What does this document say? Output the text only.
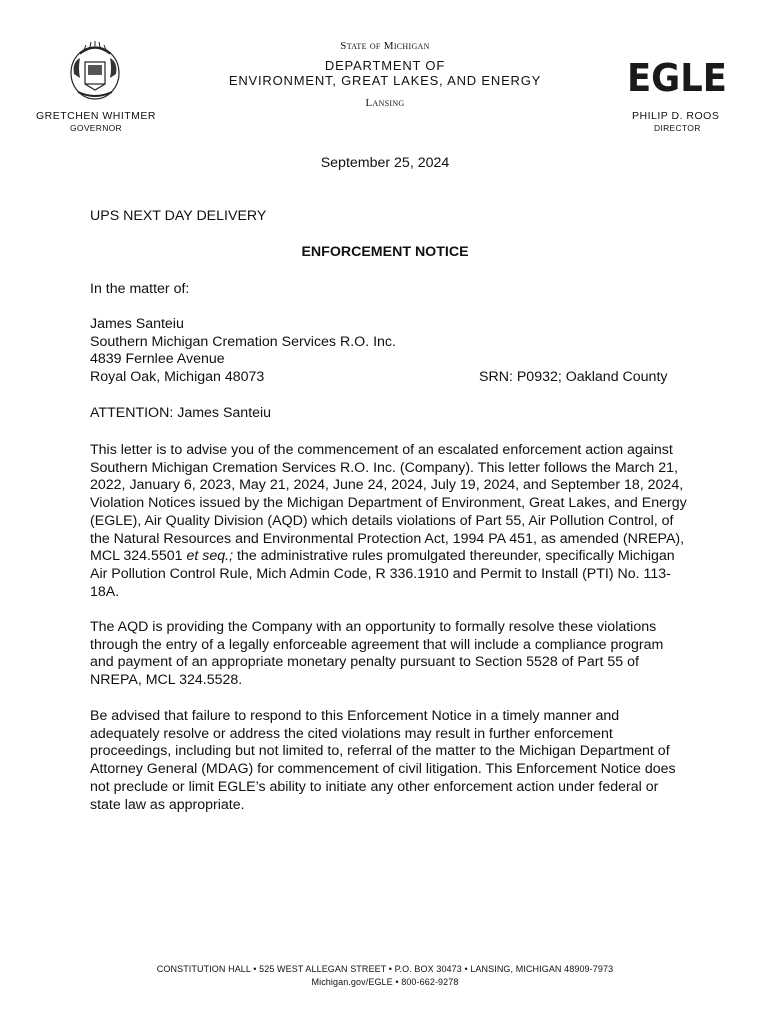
EGLE
State of Michigan
DEPARTMENT OF
ENVIRONMENT, GREAT LAKES, AND ENERGY
Lansing
GRETCHEN WHITMER
GOVERNOR
PHILIP D. ROOS
DIRECTOR
September 25, 2024
UPS NEXT DAY DELIVERY
ENFORCEMENT NOTICE
In the matter of:
James Santeiu
Southern Michigan Cremation Services R.O. Inc.
4839 Fernlee Avenue
Royal Oak, Michigan 48073	SRN: P0932; Oakland County
ATTENTION: James Santeiu

This letter is to advise you of the commencement of an escalated enforcement action against Southern Michigan Cremation Services R.O. Inc. (Company). This letter follows the March 21, 2022, January 6, 2023, May 21, 2024, June 24, 2024, July 19, 2024, and September 18, 2024, Violation Notices issued by the Michigan Department of Environment, Great Lakes, and Energy (EGLE), Air Quality Division (AQD) which details violations of Part 55, Air Pollution Control, of the Natural Resources and Environmental Protection Act, 1994 PA 451, as amended (NREPA), MCL 324.5501 et seq.; the administrative rules promulgated thereunder, specifically Michigan Air Pollution Control Rule, Mich Admin Code, R 336.1910 and Permit to Install (PTI) No. 113-18A.

The AQD is providing the Company with an opportunity to formally resolve these violations through the entry of a legally enforceable agreement that will include a compliance program and payment of an appropriate monetary penalty pursuant to Section 5528 of Part 55 of NREPA, MCL 324.5528.

Be advised that failure to respond to this Enforcement Notice in a timely manner and adequately resolve or address the cited violations may result in further enforcement proceedings, including but not limited to, referral of the matter to the Michigan Department of Attorney General (MDAG) for commencement of civil litigation. This Enforcement Notice does not preclude or limit EGLE’s ability to initiate any other enforcement action under federal or state law as appropriate.

CONSTITUTION HALL • 525 WEST ALLEGAN STREET • P.O. BOX 30473 • LANSING, MICHIGAN 48909-7973
Michigan.gov/EGLE • 800-662-9278
